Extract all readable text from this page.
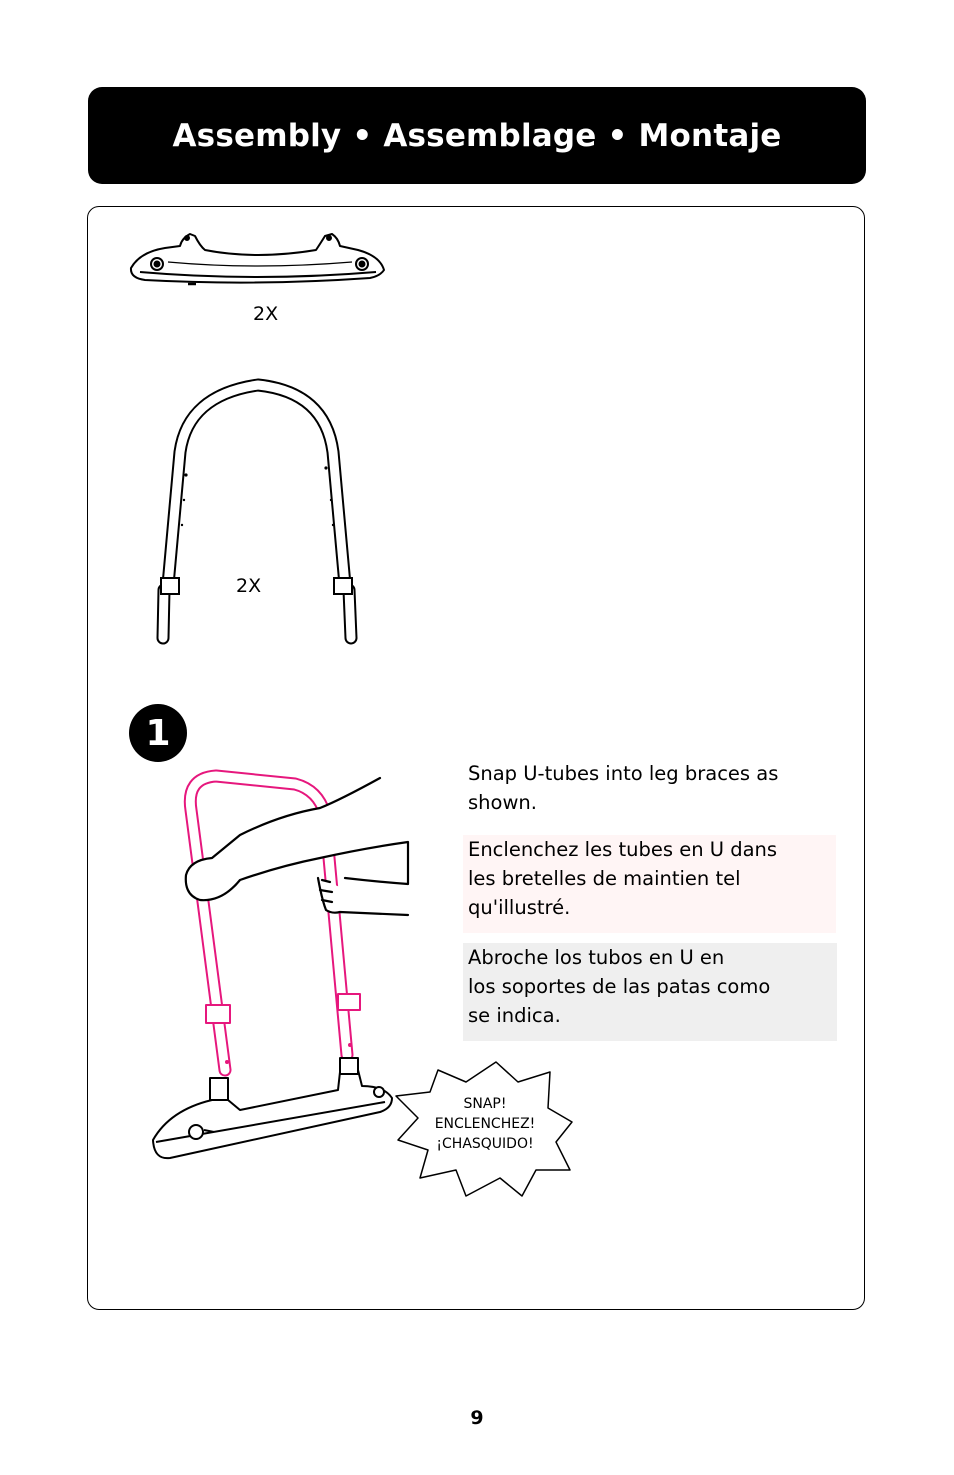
Assembly • Assemblage • Montaje
2X
2X
1
Snap U-tubes into leg braces as
shown.
Enclenchez les tubes en U dans
les bretelles de maintien tel
qu'illustré.
Abroche los tubos en U en
los soportes de las patas como
se indica.
SNAP!
ENCLENCHEZ!
¡CHASQUIDO!
9
